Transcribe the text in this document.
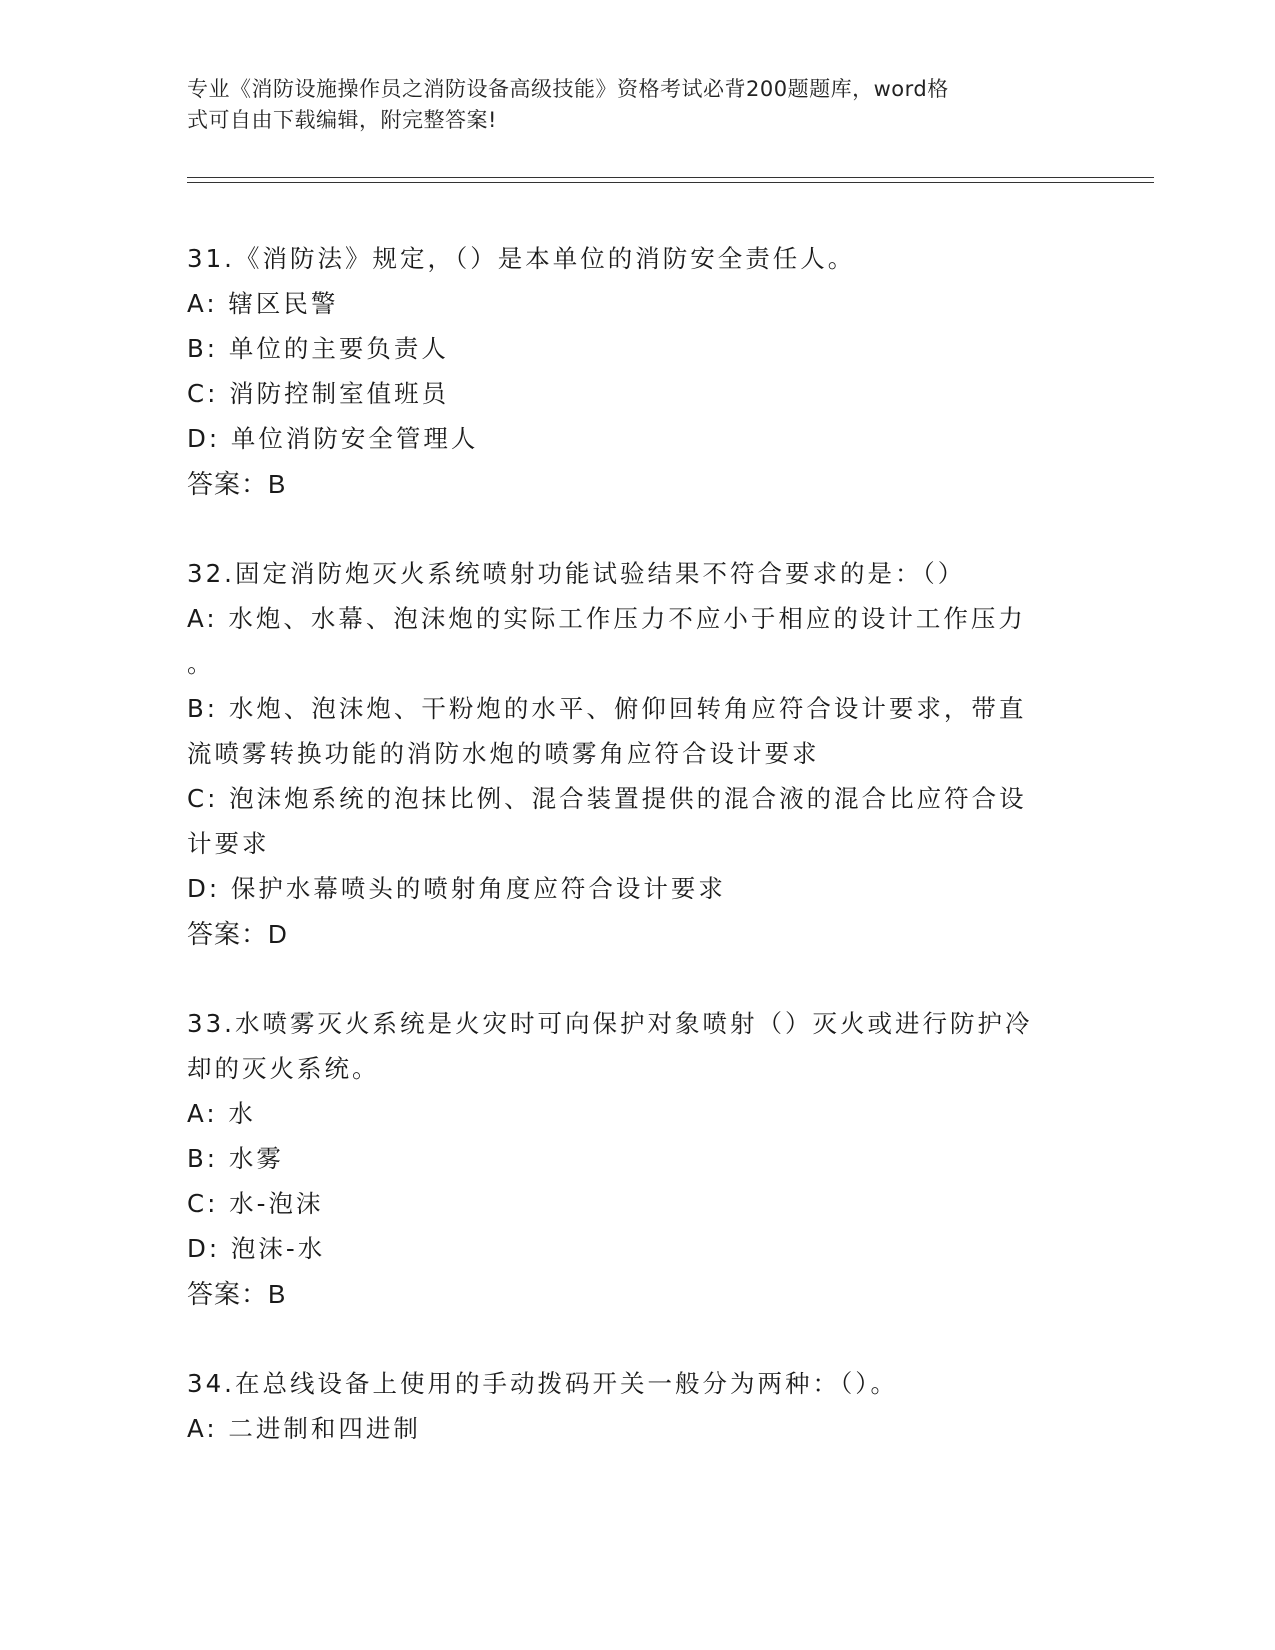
专业《消防设施操作员之消防设备高级技能》资格考试必背200题题库，word格
式可自由下载编辑，附完整答案!

31.《消防法》规定，（）是本单位的消防安全责任人。

A: 辖区民警

B: 单位的主要负责人

C: 消防控制室值班员

D: 单位消防安全管理人

答案：B

32.固定消防炮灭火系统喷射功能试验结果不符合要求的是：（）

A: 水炮、水幕、泡沫炮的实际工作压力不应小于相应的设计工作压力

。

B: 水炮、泡沫炮、干粉炮的水平、俯仰回转角应符合设计要求，带直

流喷雾转换功能的消防水炮的喷雾角应符合设计要求

C: 泡沫炮系统的泡抹比例、混合装置提供的混合液的混合比应符合设

计要求

D: 保护水幕喷头的喷射角度应符合设计要求

答案：D

33.水喷雾灭火系统是火灾时可向保护对象喷射（）灭火或进行防护冷

却的灭火系统。

A: 水

B: 水雾

C: 水-泡沫

D: 泡沫-水

答案：B

34.在总线设备上使用的手动拨码开关一般分为两种：（）。

A: 二进制和四进制
